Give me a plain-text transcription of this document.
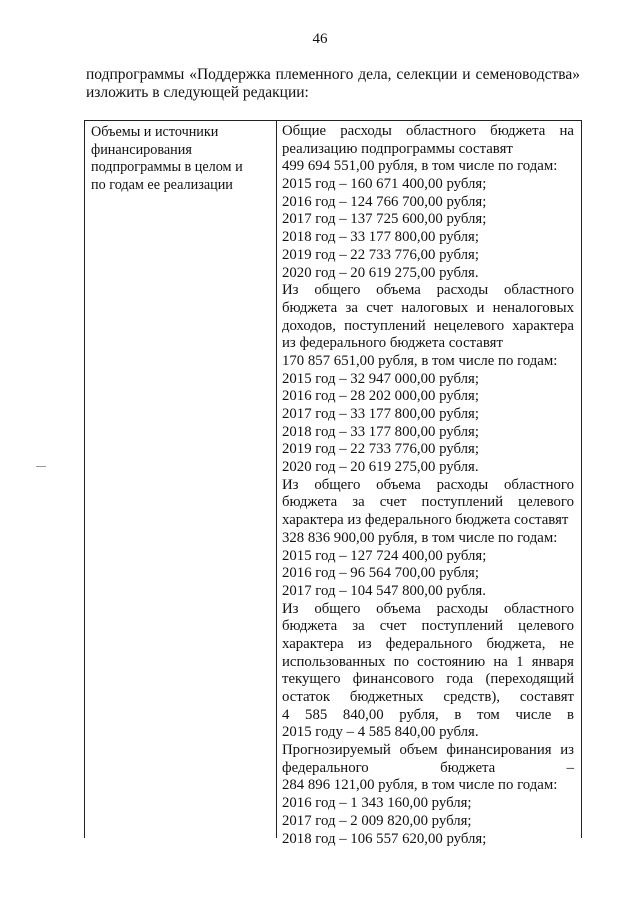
46
подпрограммы «Поддержка племенного дела, селекции и семеноводства»
изложить в следующей редакции:
Объемы и источники
финансирования
подпрограммы в целом и
по годам ее реализации
Общие расходы областного бюджета на
реализацию подпрограммы составят
499 694 551,00 рубля, в том числе по годам:
2015 год – 160 671 400,00 рубля;
2016 год – 124 766 700,00 рубля;
2017 год – 137 725 600,00 рубля;
2018 год – 33 177 800,00 рубля;
2019 год – 22 733 776,00 рубля;
2020 год – 20 619 275,00 рубля.
Из общего объема расходы областного
бюджета за счет налоговых и неналоговых
доходов, поступлений нецелевого характера
из федерального бюджета составят
170 857 651,00 рубля, в том числе по годам:
2015 год – 32 947 000,00 рубля;
2016 год – 28 202 000,00 рубля;
2017 год – 33 177 800,00 рубля;
2018 год – 33 177 800,00 рубля;
2019 год – 22 733 776,00 рубля;
2020 год – 20 619 275,00 рубля.
Из общего объема расходы областного
бюджета за счет поступлений целевого
характера из федерального бюджета составят
328 836 900,00 рубля, в том числе по годам:
2015 год – 127 724 400,00 рубля;
2016 год – 96 564 700,00 рубля;
2017 год – 104 547 800,00 рубля.
Из общего объема расходы областного
бюджета за счет поступлений целевого
характера из федерального бюджета, не
использованных по состоянию на 1 января
текущего финансового года (переходящий
остаток бюджетных средств), составят
4 585 840,00 рубля, в том числе в
2015 году – 4 585 840,00 рубля.
Прогнозируемый объем финансирования из
федерального бюджета –
284 896 121,00 рубля, в том числе по годам:
2016 год – 1 343 160,00 рубля;
2017 год – 2 009 820,00 рубля;
2018 год – 106 557 620,00 рубля;
